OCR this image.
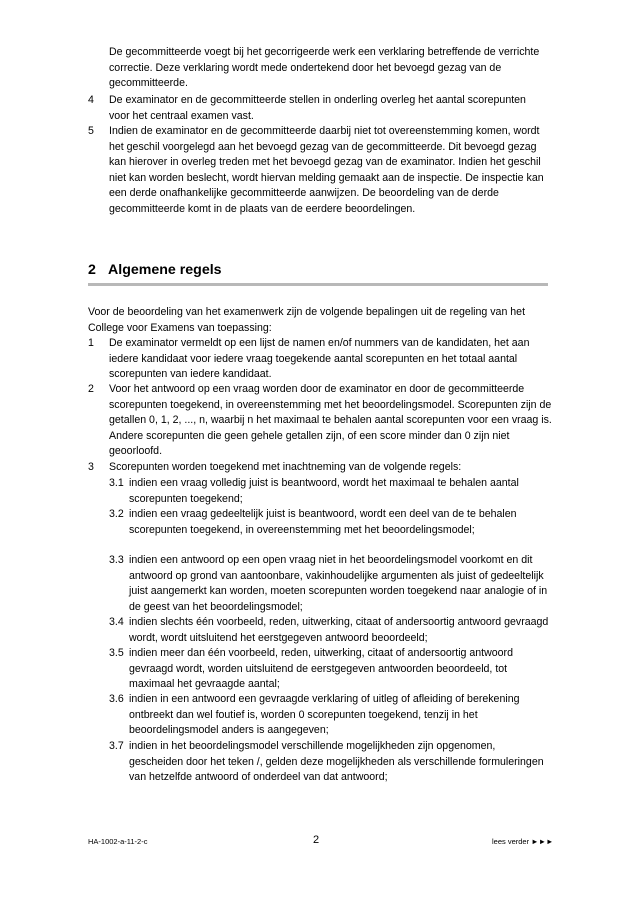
De gecommitteerde voegt bij het gecorrigeerde werk een verklaring betreffende de verrichte correctie. Deze verklaring wordt mede ondertekend door het bevoegd gezag van de gecommitteerde.

4 De examinator en de gecommitteerde stellen in onderling overleg het aantal scorepunten voor het centraal examen vast.

5 Indien de examinator en de gecommitteerde daarbij niet tot overeenstemming komen, wordt het geschil voorgelegd aan het bevoegd gezag van de gecommitteerde. Dit bevoegd gezag kan hierover in overleg treden met het bevoegd gezag van de examinator. Indien het geschil niet kan worden beslecht, wordt hiervan melding gemaakt aan de inspectie. De inspectie kan een derde onafhankelijke gecommitteerde aanwijzen. De beoordeling van de derde gecommitteerde komt in de plaats van de eerdere beoordelingen.

2 Algemene regels

Voor de beoordeling van het examenwerk zijn de volgende bepalingen uit de regeling van het College voor Examens van toepassing:

1 De examinator vermeldt op een lijst de namen en/of nummers van de kandidaten, het aan iedere kandidaat voor iedere vraag toegekende aantal scorepunten en het totaal aantal scorepunten van iedere kandidaat.

2 Voor het antwoord op een vraag worden door de examinator en door de gecommitteerde scorepunten toegekend, in overeenstemming met het beoordelingsmodel. Scorepunten zijn de getallen 0, 1, 2, ..., n, waarbij n het maximaal te behalen aantal scorepunten voor een vraag is. Andere scorepunten die geen gehele getallen zijn, of een score minder dan 0 zijn niet geoorloofd.

3 Scorepunten worden toegekend met inachtneming van de volgende regels:

3.1 indien een vraag volledig juist is beantwoord, wordt het maximaal te behalen aantal scorepunten toegekend;

3.2 indien een vraag gedeeltelijk juist is beantwoord, wordt een deel van de te behalen scorepunten toegekend, in overeenstemming met het beoordelingsmodel;

3.3 indien een antwoord op een open vraag niet in het beoordelingsmodel voorkomt en dit antwoord op grond van aantoonbare, vakinhoudelijke argumenten als juist of gedeeltelijk juist aangemerkt kan worden, moeten scorepunten worden toegekend naar analogie of in de geest van het beoordelingsmodel;

3.4 indien slechts één voorbeeld, reden, uitwerking, citaat of andersoortig antwoord gevraagd wordt, wordt uitsluitend het eerstgegeven antwoord beoordeeld;

3.5 indien meer dan één voorbeeld, reden, uitwerking, citaat of andersoortig antwoord gevraagd wordt, worden uitsluitend de eerstgegeven antwoorden beoordeeld, tot maximaal het gevraagde aantal;

3.6 indien in een antwoord een gevraagde verklaring of uitleg of afleiding of berekening ontbreekt dan wel foutief is, worden 0 scorepunten toegekend, tenzij in het beoordelingsmodel anders is aangegeven;

3.7 indien in het beoordelingsmodel verschillende mogelijkheden zijn opgenomen, gescheiden door het teken /, gelden deze mogelijkheden als verschillende formuleringen van hetzelfde antwoord of onderdeel van dat antwoord;

HA-1002-a-11-2-c	2	lees verder ►►►
